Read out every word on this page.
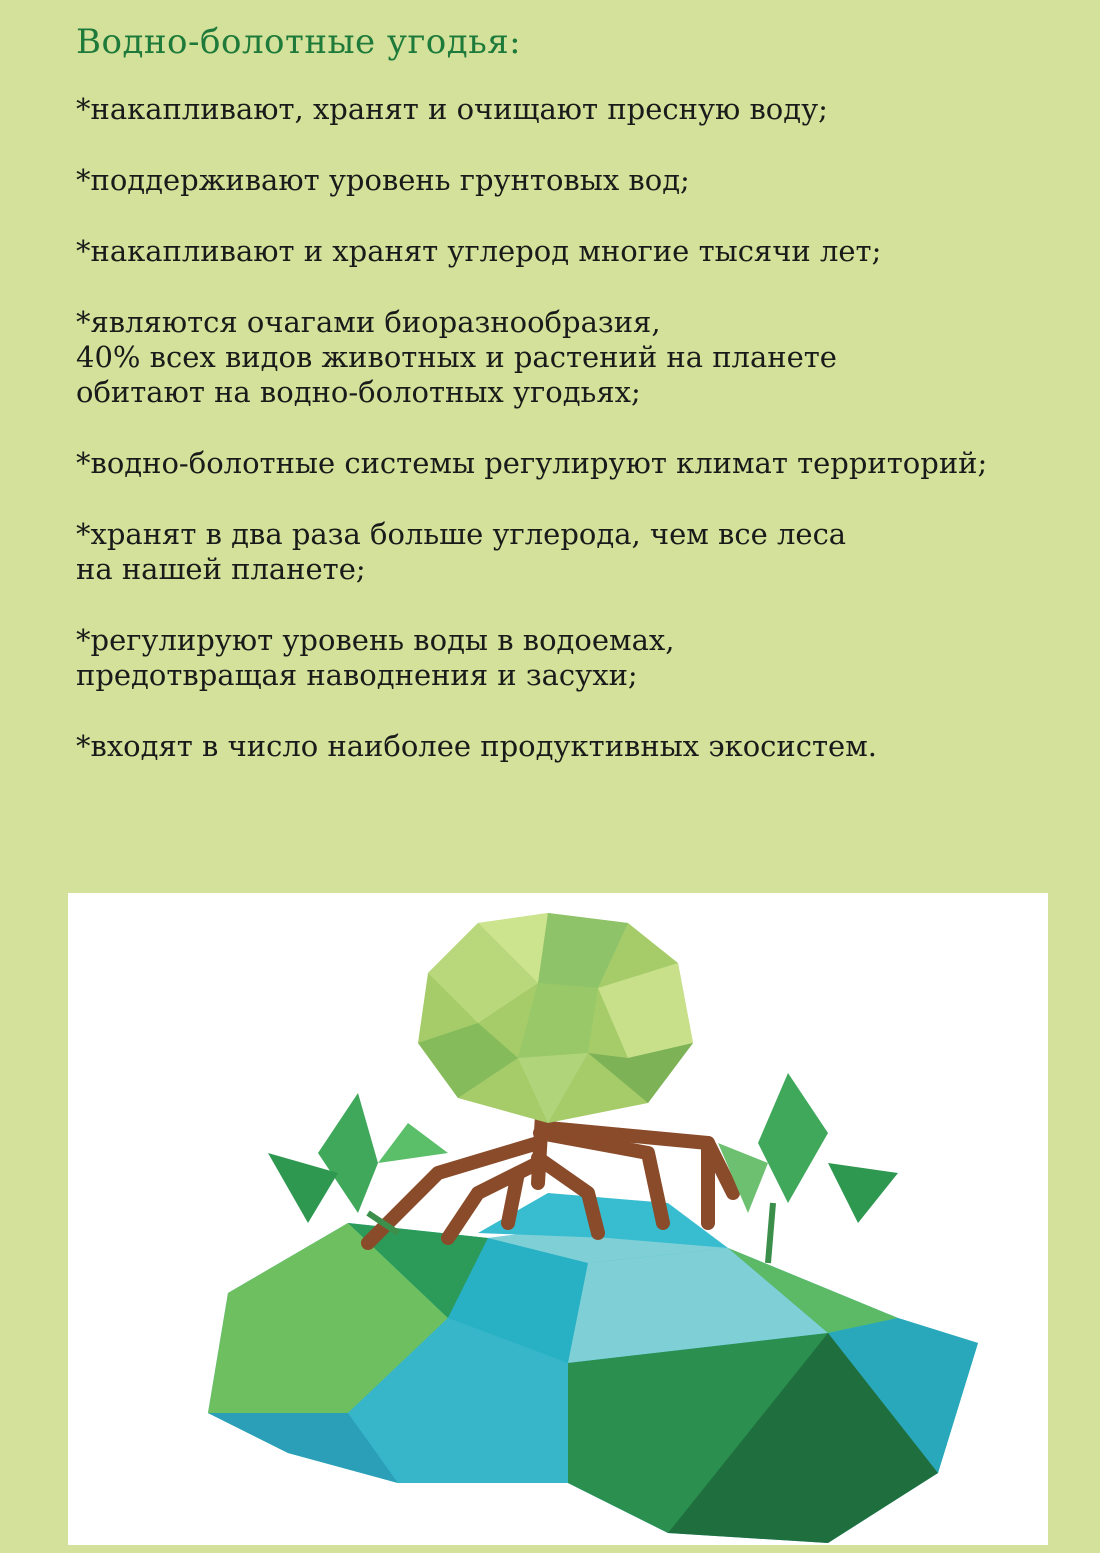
Водно-болотные угодья:
*накапливают, хранят и очищают пресную воду;
*поддерживают уровень грунтовых вод;
*накапливают и хранят углерод многие тысячи лет;
*являются очагами биоразнообразия,
40% всех видов животных и растений на планете
обитают на водно-болотных угодьях;
*водно-болотные системы регулируют климат территорий;
*хранят в два раза больше углерода, чем все леса
на нашей планете;
*регулируют уровень воды в водоемах,
предотвращая наводнения и засухи;
*входят в число наиболее продуктивных экосистем.
